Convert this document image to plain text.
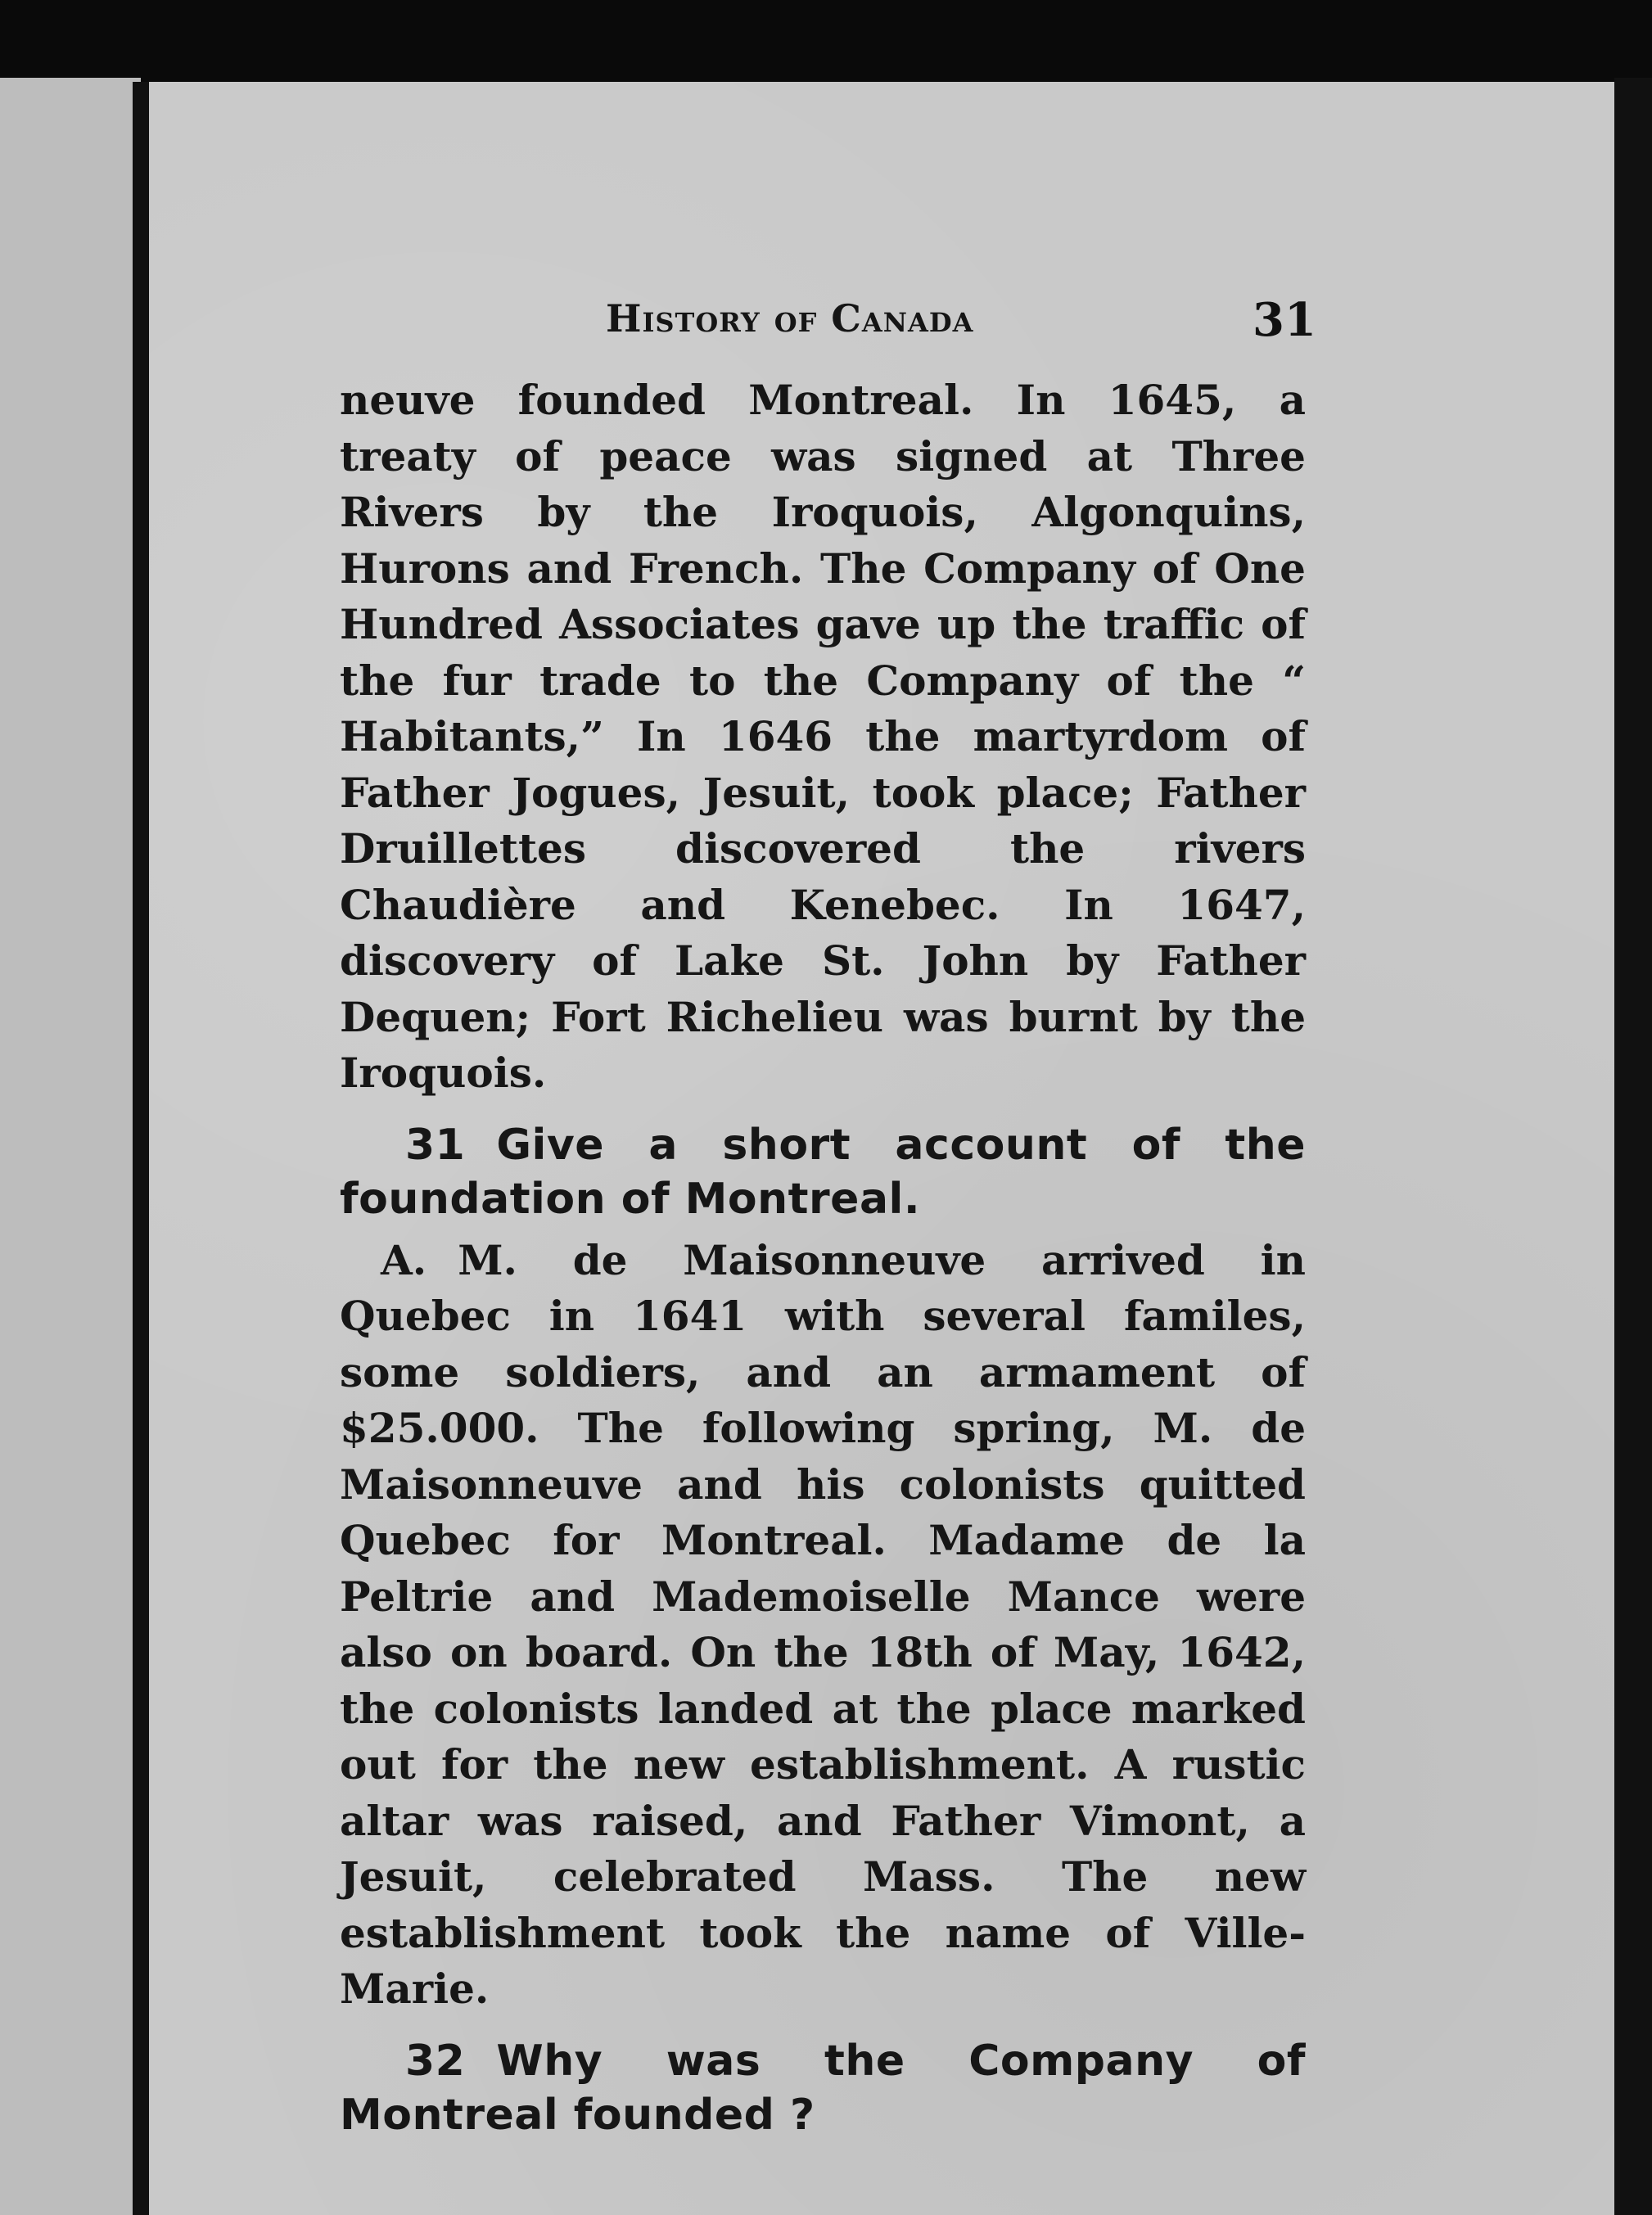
History of Canada	31

neuve founded Montreal. In 1645, a treaty of peace was signed at Three Rivers by the Iroquois, Algonquins, Hurons and French. The Company of One Hundred Associates gave up the traffic of the fur trade to the Company of the “ Habitants,” In 1646 the martyrdom of Father Jogues, Jesuit, took place; Father Druillettes discovered the rivers Chaudière and Kenebec. In 1647, discovery of Lake St. John by Father Dequen; Fort Richelieu was burnt by the Iroquois.

31 Give a short account of the foundation of Montreal.

A. M. de Maisonneuve arrived in Quebec in 1641 with several familes, some soldiers, and an armament of $25.000. The following spring, M. de Maisonneuve and his colonists quitted Quebec for Montreal. Madame de la Peltrie and Mademoiselle Mance were also on board. On the 18th of May, 1642, the colonists landed at the place marked out for the new establishment. A rustic altar was raised, and Father Vimont, a Jesuit, celebrated Mass. The new establishment took the name of Ville-Marie.

32 Why was the Company of Montreal founded ?
